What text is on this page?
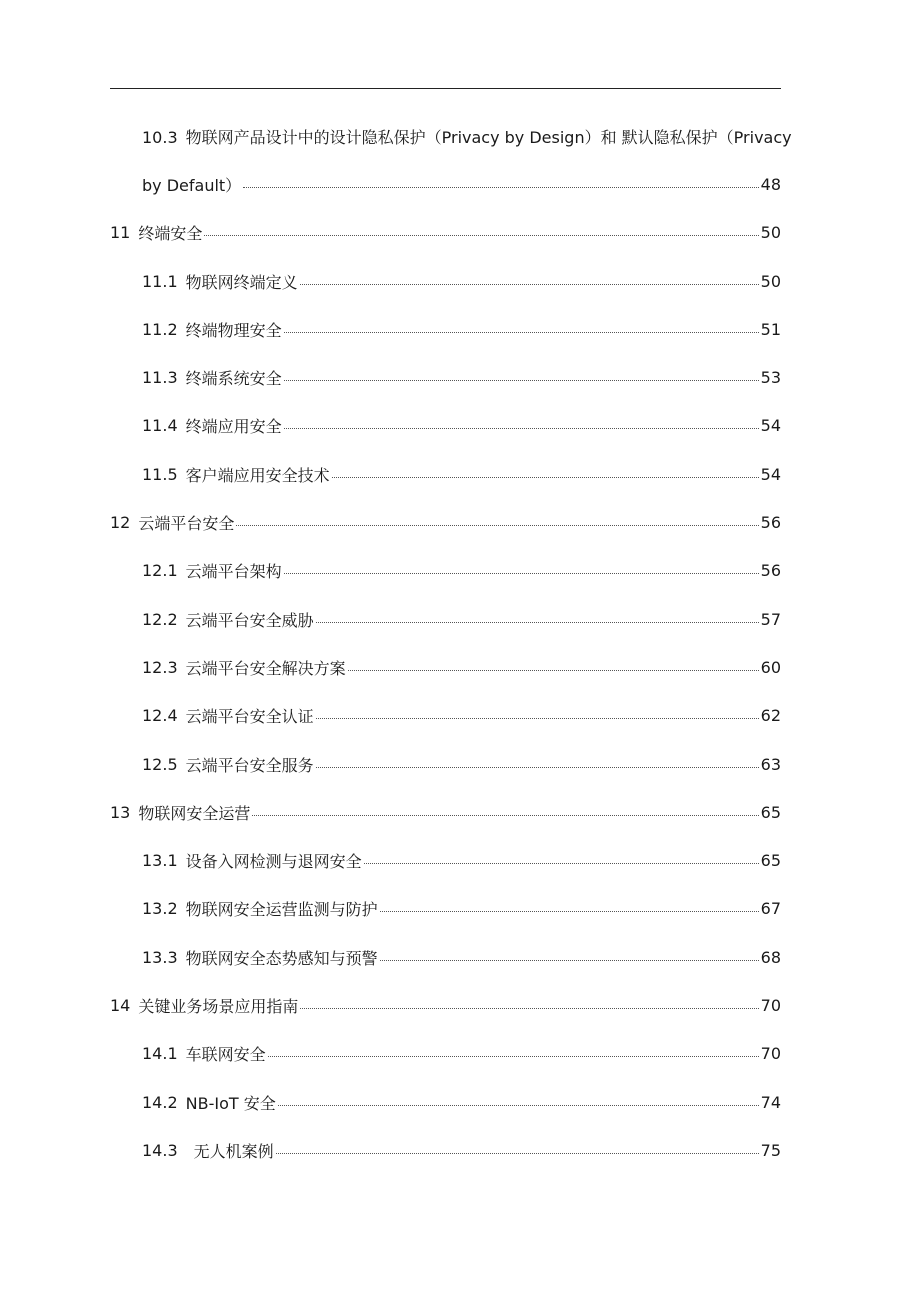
10.3 物联网产品设计中的设计隐私保护（Privacy by Design）和 默认隐私保护（Privacy
by Default）	48
11 终端安全	50
11.1 物联网终端定义	50
11.2 终端物理安全	51
11.3 终端系统安全	53
11.4 终端应用安全	54
11.5 客户端应用安全技术	54
12 云端平台安全	56
12.1 云端平台架构	56
12.2 云端平台安全威胁	57
12.3 云端平台安全解决方案	60
12.4 云端平台安全认证	62
12.5 云端平台安全服务	63
13 物联网安全运营	65
13.1 设备入网检测与退网安全	65
13.2 物联网安全运营监测与防护	67
13.3 物联网安全态势感知与预警	68
14 关键业务场景应用指南	70
14.1 车联网安全	70
14.2 NB-IoT 安全	74
14.3 无人机案例	75
